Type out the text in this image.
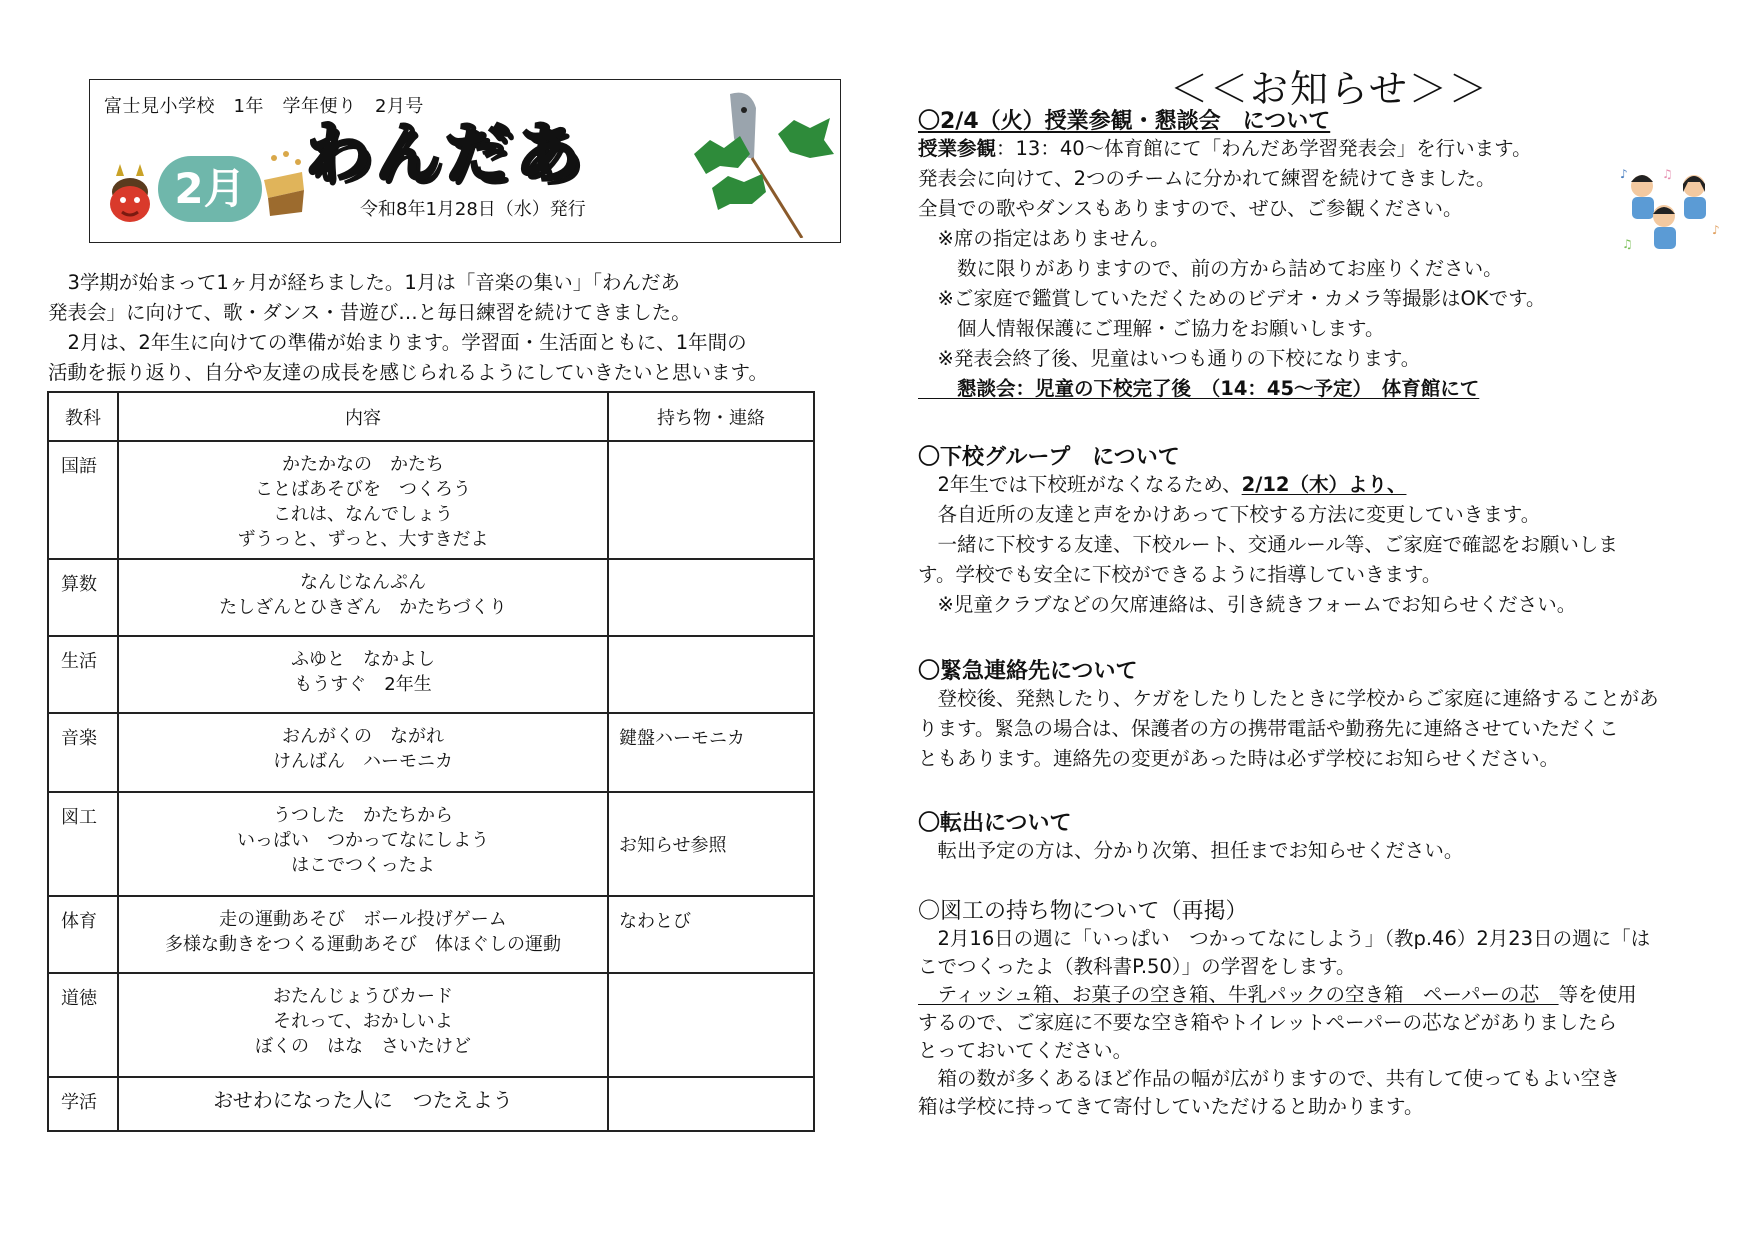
富士見小学校　1年　学年便り　2月号
わんだあ
令和8年1月28日（水）発行
2月
　3学期が始まって1ヶ月が経ちました。1月は「音楽の集い」「わんだあ
発表会」に向けて、歌・ダンス・昔遊び…と毎日練習を続けてきました。
　2月は、2年生に向けての準備が始まります。学習面・生活面ともに、1年間の
活動を振り返り、自分や友達の成長を感じられるようにしていきたいと思います。
教科	内容	持ち物・連絡
国語	かたかなの　かたち
ことばあそびを　つくろう
これは、なんでしょう
ずうっと、ずっと、大すきだよ	

算数	なんじなんぷん
たしざんとひきざん　かたちづくり	

生活	ふゆと　なかよし
もうすぐ　2年生	

音楽	おんがくの　ながれ
けんばん　ハーモニカ	鍵盤ハーモニカ
図工	うつした　かたちから
いっぱい　つかってなにしよう
はこでつくったよ	お知らせ参照
体育	走の運動あそび　ボール投げゲーム
多様な動きをつくる運動あそび　体ほぐしの運動	なわとび
道徳	おたんじょうびカード
それって、おかしいよ
ぼくの　はな　さいたけど	

学活	おせわになった人に　つたえよう	

＜＜お知らせ＞＞
〇2/4（火）授業参観・懇談会　について
授業参観：13：40～体育館にて「わんだあ学習発表会」を行います。
発表会に向けて、2つのチームに分かれて練習を続けてきました。
全員での歌やダンスもありますので、ぜひ、ご参観ください。
　※席の指定はありません。
　　数に限りがありますので、前の方から詰めてお座りください。
　※ご家庭で鑑賞していただくためのビデオ・カメラ等撮影はOKです。
　　個人情報保護にご理解・ご協力をお願いします。
　※発表会終了後、児童はいつも通りの下校になります。
　　懇談会：児童の下校完了後　（14：45～予定）　体育館にて
♪	♫
♫
♪
〇下校グループ　について
　2年生では下校班がなくなるため、2/12（木）より、
　各自近所の友達と声をかけあって下校する方法に変更していきます。
　一緒に下校する友達、下校ルート、交通ルール等、ご家庭で確認をお願いしま
す。学校でも安全に下校ができるように指導していきます。
　※児童クラブなどの欠席連絡は、引き続きフォームでお知らせください。
〇緊急連絡先について
　登校後、発熱したり、ケガをしたりしたときに学校からご家庭に連絡することがあ
ります。緊急の場合は、保護者の方の携帯電話や勤務先に連絡させていただくこ
ともあります。連絡先の変更があった時は必ず学校にお知らせください。
〇転出について
　転出予定の方は、分かり次第、担任までお知らせください。
〇図工の持ち物について（再掲）
　2月16日の週に「いっぱい　つかってなにしよう」（教p.46）2月23日の週に「は
こでつくったよ（教科書P.50）」の学習をします。
　ティッシュ箱、お菓子の空き箱、牛乳パックの空き箱　ペーパーの芯　等を使用
するので、ご家庭に不要な空き箱やトイレットペーパーの芯などがありましたら
とっておいてください。
　箱の数が多くあるほど作品の幅が広がりますので、共有して使ってもよい空き
箱は学校に持ってきて寄付していただけると助かります。
